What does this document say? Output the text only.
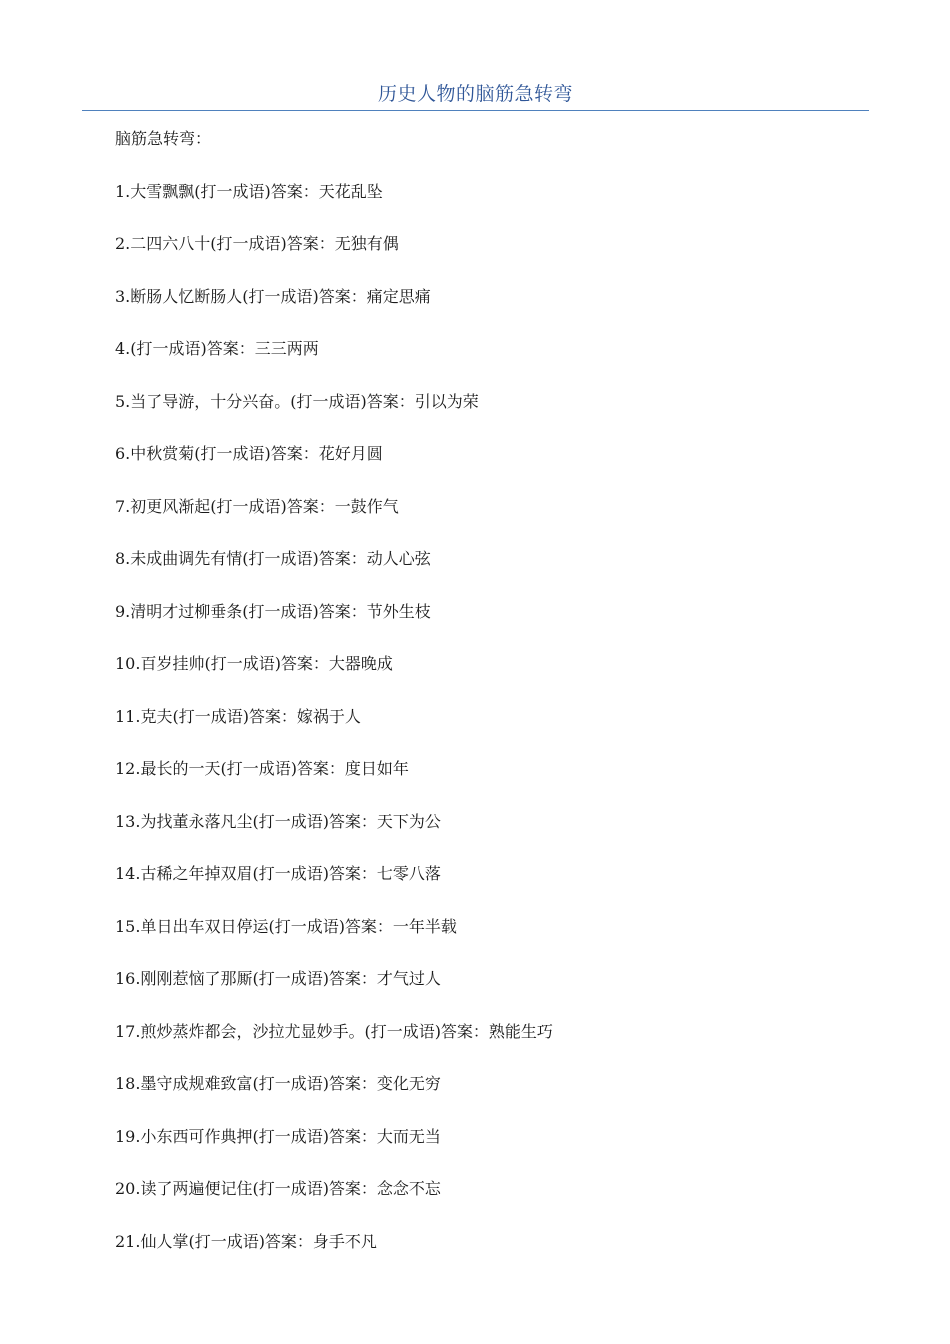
历史人物的脑筋急转弯

脑筋急转弯：

1.大雪飘飘(打一成语)答案：天花乱坠
2.二四六八十(打一成语)答案：无独有偶
3.断肠人忆断肠人(打一成语)答案：痛定思痛
4.(打一成语)答案：三三两两
5.当了导游，十分兴奋。(打一成语)答案：引以为荣
6.中秋赏菊(打一成语)答案：花好月圆
7.初更风渐起(打一成语)答案：一鼓作气
8.未成曲调先有情(打一成语)答案：动人心弦
9.清明才过柳垂条(打一成语)答案：节外生枝
10.百岁挂帅(打一成语)答案：大器晚成
11.克夫(打一成语)答案：嫁祸于人
12.最长的一天(打一成语)答案：度日如年
13.为找董永落凡尘(打一成语)答案：天下为公
14.古稀之年掉双眉(打一成语)答案：七零八落
15.单日出车双日停运(打一成语)答案：一年半载
16.刚刚惹恼了那厮(打一成语)答案：才气过人
17.煎炒蒸炸都会，沙拉尤显妙手。(打一成语)答案：熟能生巧
18.墨守成规难致富(打一成语)答案：变化无穷
19.小东西可作典押(打一成语)答案：大而无当
20.读了两遍便记住(打一成语)答案：念念不忘
21.仙人掌(打一成语)答案：身手不凡
